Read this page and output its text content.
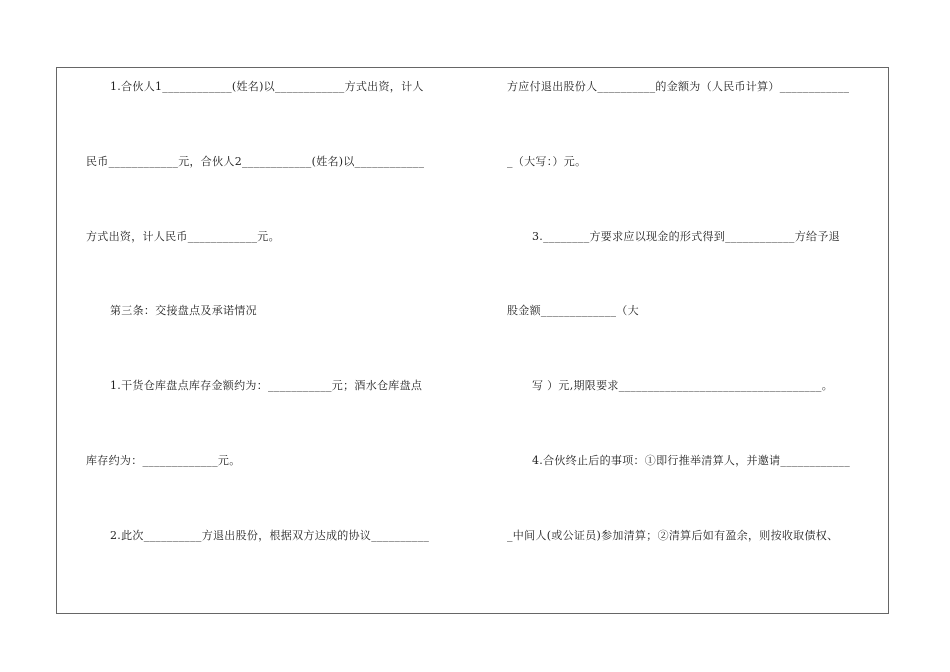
1.合伙人1____________(姓名)以____________方式出资，计人
民币____________元，合伙人2____________(姓名)以____________
方式出资，计人民币____________元。
第三条：交接盘点及承诺情况
1.干货仓库盘点库存金额约为：___________元；酒水仓库盘点
库存约为：_____________元。
2.此次__________方退出股份，根据双方达成的协议__________
方应付退出股份人__________的金额为（人民币计算）____________
_（大写：）元。
3.________方要求应以现金的形式得到____________方给予退
股金额_____________（大
写 ）元,期限要求___________________________________。
4.合伙终止后的事项：①即行推举清算人，并邀请____________
_中间人(或公证员)参加清算；②清算后如有盈余，则按收取债权、
